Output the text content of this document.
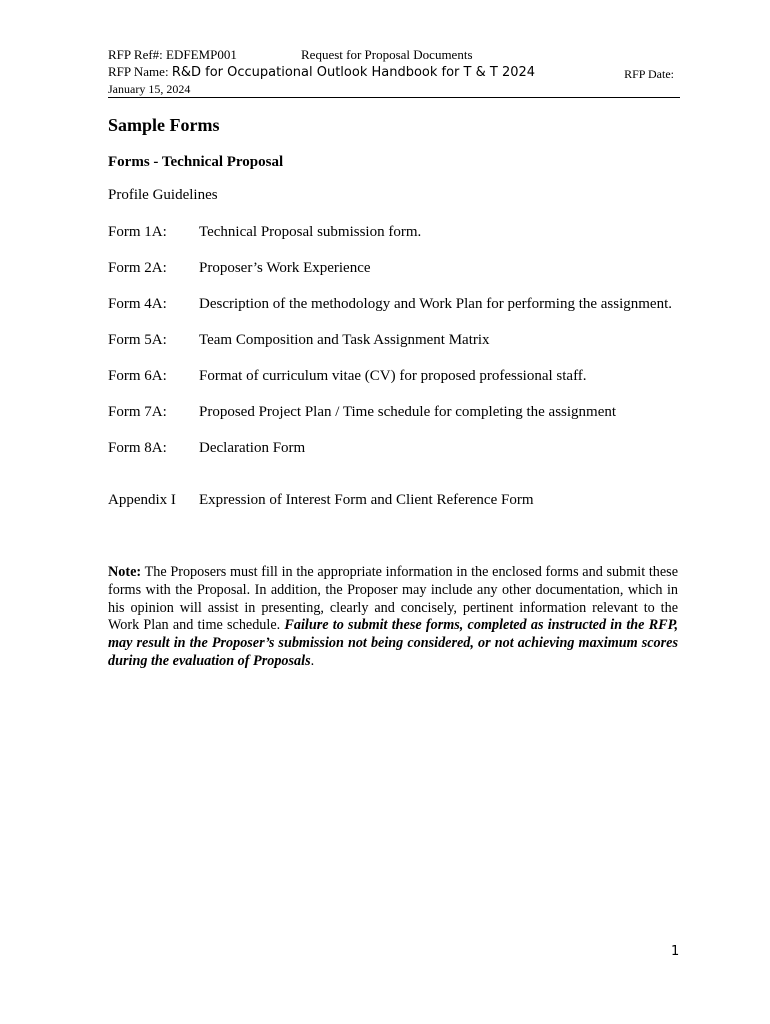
RFP Ref#: EDFEMP001	Request for Proposal Documents
RFP Name: R&D for Occupational Outlook Handbook for T & T 2024	RFP Date:
January 15, 2024
Sample Forms
Forms - Technical Proposal
Profile Guidelines
Form 1A: Technical Proposal submission form.
Form 2A: Proposer’s Work Experience
Form 4A: Description of the methodology and Work Plan for performing the assignment.
Form 5A: Team Composition and Task Assignment Matrix
Form 6A: Format of curriculum vitae (CV) for proposed professional staff.
Form 7A: Proposed Project Plan / Time schedule for completing the assignment
Form 8A: Declaration Form
Appendix I Expression of Interest Form and Client Reference Form
Note: The Proposers must fill in the appropriate information in the enclosed forms and submit these forms with the Proposal. In addition, the Proposer may include any other documentation, which in his opinion will assist in presenting, clearly and concisely, pertinent information relevant to the Work Plan and time schedule. Failure to submit these forms, completed as instructed in the RFP, may result in the Proposer’s submission not being considered, or not achieving maximum scores during the evaluation of Proposals.
1
